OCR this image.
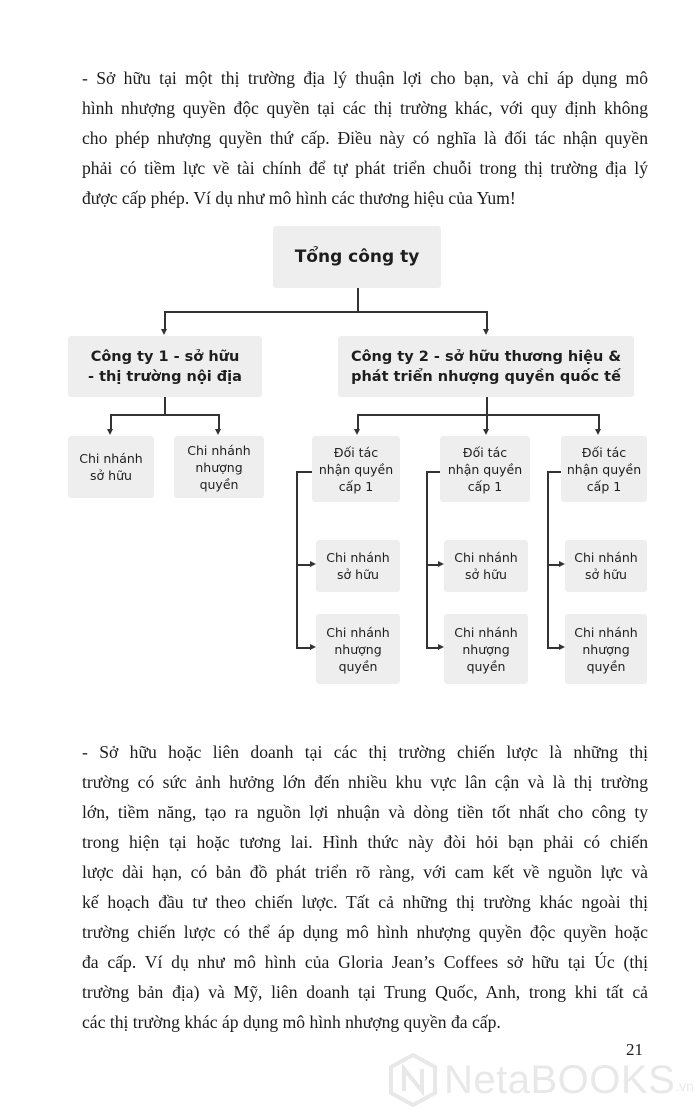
- Sở hữu tại một thị trường địa lý thuận lợi cho bạn, và chỉ áp dụng mô
hình nhượng quyền độc quyền tại các thị trường khác, với quy định không
cho phép nhượng quyền thứ cấp. Điều này có nghĩa là đối tác nhận quyền
phải có tiềm lực về tài chính để tự phát triển chuỗi trong thị trường địa lý
được cấp phép. Ví dụ như mô hình các thương hiệu của Yum!
Tổng công ty
Công ty 1 - sở hữu
- thị trường nội địa
Công ty 2 - sở hữu thương hiệu &
phát triển nhượng quyền quốc tế
Chi nhánh
sở hữu
Chi nhánh
nhượng
quyền
Đối tác
nhận quyền
cấp 1
Chi nhánh
sở hữu
Chi nhánh
nhượng
quyền
Đối tác
nhận quyền
cấp 1
Chi nhánh
sở hữu
Chi nhánh
nhượng
quyền
Đối tác
nhận quyền
cấp 1
Chi nhánh
sở hữu
Chi nhánh
nhượng
quyền
- Sở hữu hoặc liên doanh tại các thị trường chiến lược là những thị
trường có sức ảnh hưởng lớn đến nhiều khu vực lân cận và là thị trường
lớn, tiềm năng, tạo ra nguồn lợi nhuận và dòng tiền tốt nhất cho công ty
trong hiện tại hoặc tương lai. Hình thức này đòi hỏi bạn phải có chiến
lược dài hạn, có bản đồ phát triển rõ ràng, với cam kết về nguồn lực và
kế hoạch đầu tư theo chiến lược. Tất cả những thị trường khác ngoài thị
trường chiến lược có thể áp dụng mô hình nhượng quyền độc quyền hoặc
đa cấp. Ví dụ như mô hình của Gloria Jean’s Coffees sở hữu tại Úc (thị
trường bản địa) và Mỹ, liên doanh tại Trung Quốc, Anh, trong khi tất cả
các thị trường khác áp dụng mô hình nhượng quyền đa cấp.
21
NetaBOOKS .vn
